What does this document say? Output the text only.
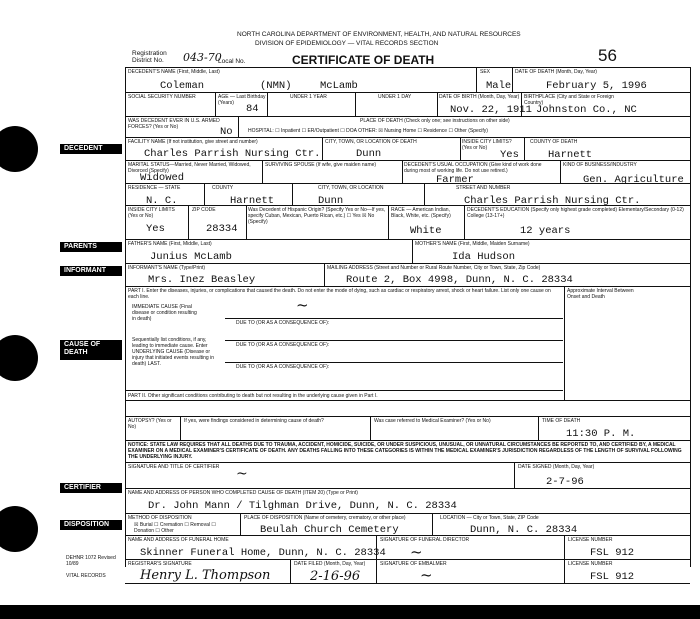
DECEDENT
PARENTS
INFORMANT
CAUSE OF DEATH
CERTIFIER
DISPOSITION
NORTH CAROLINA DEPARTMENT OF ENVIRONMENT, HEALTH, AND NATURAL RESOURCES
DIVISION OF EPIDEMIOLOGY — VITAL RECORDS SECTION
Registration District No.	043-70
Local No.	CERTIFICATE OF DEATH	56
DECEDENT'S NAME (First, Middle, Last)
Coleman	(NMN)	McLamb
SEX
Male
DATE OF DEATH (Month, Day, Year)
February 5, 1996
SOCIAL SECURITY NUMBER	AGE — Last Birthday (Years)	84
UNDER 1 YEAR	UNDER 1 DAY	DATE OF BIRTH (Month, Day, Year)
Nov. 22, 1911
BIRTHPLACE (City and State or Foreign Country)
Johnston Co., NC
WAS DECEDENT EVER IN U.S. ARMED FORCES? (Yes or No)	No
PLACE OF DEATH (Check only one; see instructions on other side)
HOSPITAL: ☐ Inpatient ☐ ER/Outpatient ☐ DOA OTHER: ☒ Nursing Home ☐ Residence ☐ Other (Specify)
FACILITY NAME (If not institution, give street and number)
Charles Parrish Nursing Ctr.
CITY, TOWN, OR LOCATION OF DEATH
Dunn
INSIDE CITY LIMITS? (Yes or No)
Yes
COUNTY OF DEATH
Harnett
MARITAL STATUS—Married, Never Married, Widowed, Divorced (Specify)
Widowed
SURVIVING SPOUSE (If wife, give maiden name)	DECEDENT'S USUAL OCCUPATION (Give kind of work done during most of working life. Do not use retired.)
Farmer
KIND OF BUSINESS/INDUSTRY
Gen. Agriculture
RESIDENCE — STATE
N. C.
COUNTY
Harnett
CITY, TOWN, OR LOCATION
Dunn
STREET AND NUMBER
Charles Parrish Nursing Ctr.
INSIDE CITY LIMITS (Yes or No)
Yes
ZIP CODE
28334
Was Decedent of Hispanic Origin? (Specify Yes or No—If yes, specify Cuban, Mexican, Puerto Rican, etc.) ☐ Yes ☒ No (Specify)
RACE — American Indian, Black, White, etc. (Specify)
White
DECEDENT'S EDUCATION (Specify only highest grade completed) Elementary/Secondary (0-12) College (13-17+)
12 years
FATHER'S NAME (First, Middle, Last)
Junius McLamb
MOTHER'S NAME (First, Middle, Maiden Surname)
Ida Hudson
INFORMANT'S NAME (Type/Print)
Mrs. Inez Beasley
MAILING ADDRESS (Street and Number or Rural Route Number, City or Town, State, Zip Code)
Route 2, Box 4998, Dunn, N. C. 28334
PART I. Enter the diseases, injuries, or complications that caused the death. Do not enter the mode of dying, such as cardiac or respiratory arrest, shock or heart failure. List only one cause on each line.
Approximate Interval Between Onset and Death
IMMEDIATE CAUSE (Final disease or condition resulting in death)
~
DUE TO (OR AS A CONSEQUENCE OF):
Sequentially list conditions, if any, leading to immediate cause. Enter UNDERLYING CAUSE (Disease or injury that initiated events resulting in death) LAST.
DUE TO (OR AS A CONSEQUENCE OF):
DUE TO (OR AS A CONSEQUENCE OF):
PART II. Other significant conditions contributing to death but not resulting in the underlying cause given in Part I.
AUTOPSY? (Yes or No)
If yes, were findings considered in determining cause of death?	Was case referred to Medical Examiner? (Yes or No)	TIME OF DEATH
11:30 P. M.
NOTICE: STATE LAW REQUIRES THAT ALL DEATHS DUE TO TRAUMA, ACCIDENT, HOMICIDE, SUICIDE, OR UNDER SUSPICIOUS, UNUSUAL, OR UNNATURAL CIRCUMSTANCES BE REPORTED TO, AND CERTIFIED BY, A MEDICAL EXAMINER ON A MEDICAL EXAMINER'S CERTIFICATE OF DEATH. ANY DEATHS FALLING INTO THESE CATEGORIES IS WITHIN THE MEDICAL EXAMINER'S JURISDICTION REGARDLESS OF THE LENGTH OF SURVIVAL FOLLOWING THE UNDERLYING INJURY.
SIGNATURE AND TITLE OF CERTIFIER ~	DATE SIGNED (Month, Day, Year)
2-7-96
NAME AND ADDRESS OF PERSON WHO COMPLETED CAUSE OF DEATH (ITEM 20) (Type or Print)
Dr. John Mann / Tilghman Drive, Dunn, N. C. 28334
METHOD OF DISPOSITION
☒ Burial ☐ Cremation ☐ Removal ☐ Donation ☐ Other
PLACE OF DISPOSITION (Name of cemetery, crematory, or other place)
Beulah Church Cemetery
LOCATION — City or Town, State, ZIP Code
Dunn, N. C. 28334
NAME AND ADDRESS OF FUNERAL HOME
Skinner Funeral Home, Dunn, N. C. 28334
SIGNATURE OF FUNERAL DIRECTOR
~
LICENSE NUMBER
FSL 912
REGISTRAR'S SIGNATURE
Henry L. Thompson
DATE FILED (Month, Day, Year)
2-16-96
SIGNATURE OF EMBALMER
~
LICENSE NUMBER
FSL 912
DEHNR 1072 Revised 10/89
VITAL RECORDS
